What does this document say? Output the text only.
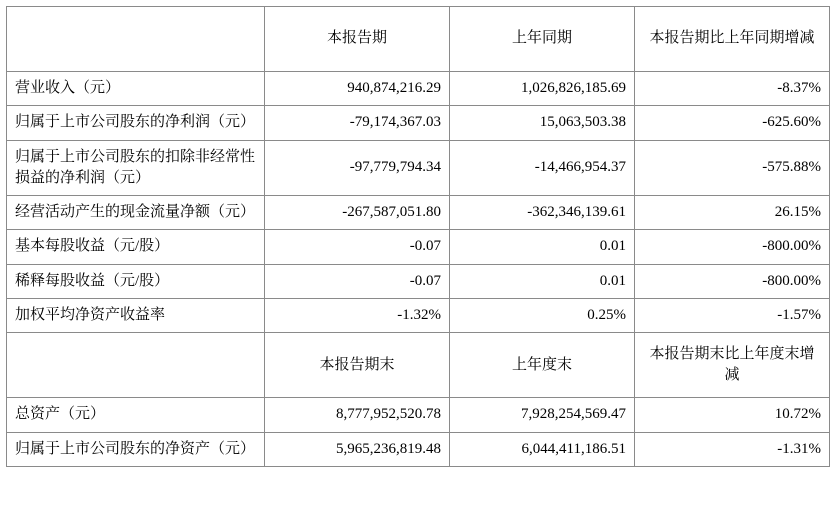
	本报告期	上年同期	本报告期比上年同期增减
营业收入（元）	940,874,216.29	1,026,826,185.69	-8.37%
归属于上市公司股东的净利润（元）	-79,174,367.03	15,063,503.38	-625.60%
归属于上市公司股东的扣除非经常性损益的净利润（元）	-97,779,794.34	-14,466,954.37	-575.88%
经营活动产生的现金流量净额（元）	-267,587,051.80	-362,346,139.61	26.15%
基本每股收益（元/股）	-0.07	0.01	-800.00%
稀释每股收益（元/股）	-0.07	0.01	-800.00%
加权平均净资产收益率	-1.32%	0.25%	-1.57%
	本报告期末	上年度末	本报告期末比上年度末增减
总资产（元）	8,777,952,520.78	7,928,254,569.47	10.72%
归属于上市公司股东的净资产（元）	5,965,236,819.48	6,044,411,186.51	-1.31%
